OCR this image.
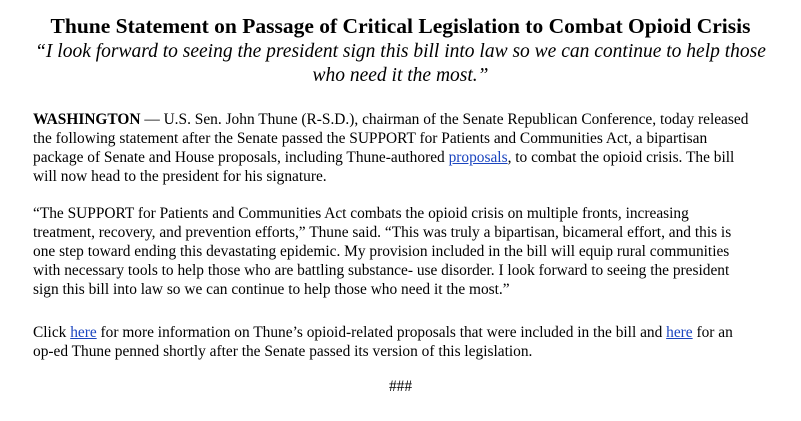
Thune Statement on Passage of Critical Legislation to Combat Opioid Crisis
“I look forward to seeing the president sign this bill into law so we can continue to help those who need it the most.”

WASHINGTON — U.S. Sen. John Thune (R-S.D.), chairman of the Senate Republican Conference, today released
the following statement after the Senate passed the SUPPORT for Patients and Communities Act, a bipartisan
package of Senate and House proposals, including Thune-authored proposals, to combat the opioid crisis. The bill
will now head to the president for his signature.

“The SUPPORT for Patients and Communities Act combats the opioid crisis on multiple fronts, increasing
treatment, recovery, and prevention efforts,” Thune said. “This was truly a bipartisan, bicameral effort, and this is
one step toward ending this devastating epidemic. My provision included in the bill will equip rural communities
with necessary tools to help those who are battling substance- use disorder. I look forward to seeing the president
sign this bill into law so we can continue to help those who need it the most.”

Click here for more information on Thune’s opioid-related proposals that were included in the bill and here for an
op-ed Thune penned shortly after the Senate passed its version of this legislation.

###
